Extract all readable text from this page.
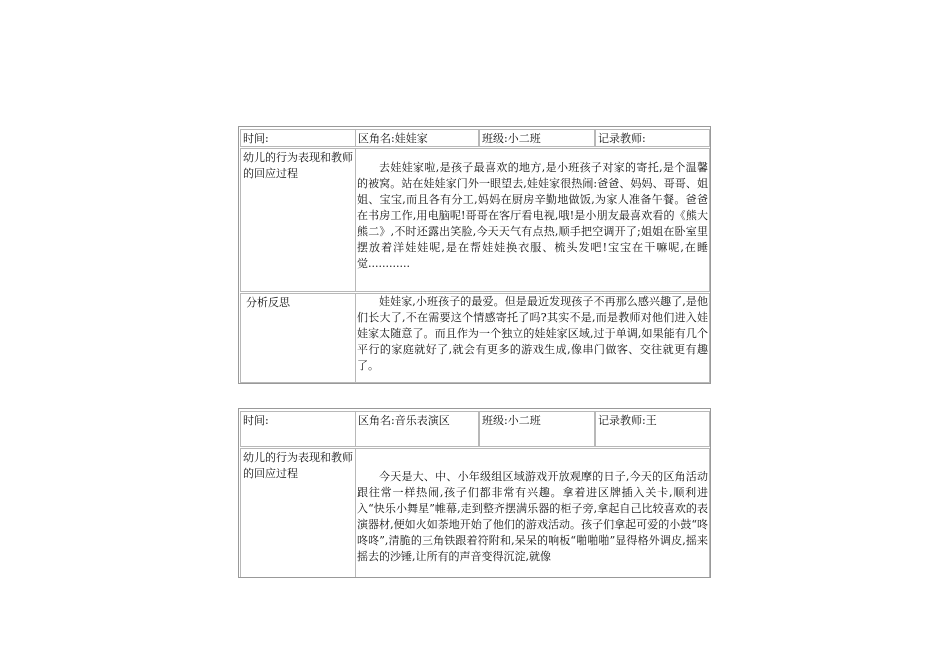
时间:	区角名:娃娃家	班级:小二班	记录教师:
幼儿的行为表现和教师的回应过程	去娃娃家啦,是孩子最喜欢的地方,是小班孩子对家的寄托,是个温馨的被窝。站在娃娃家门外一眼望去,娃娃家很热闹:爸爸、妈妈、哥哥、姐姐、宝宝,而且各有分工,妈妈在厨房辛勤地做饭,为家人准备午餐。爸爸在书房工作,用电脑呢!哥哥在客厅看电视,哦!是小朋友最喜欢看的《熊大熊二》,不时还露出笑脸,今天天气有点热,顺手把空调开了;姐姐在卧室里摆放着洋娃娃呢,是在帮娃娃换衣服、梳头发吧!宝宝在干嘛呢,在睡觉............
分析反思	娃娃家,小班孩子的最爱。但是最近发现孩子不再那么感兴趣了,是他们长大了,不在需要这个情感寄托了吗?其实不是,而是教师对他们进入娃娃家太随意了。而且作为一个独立的娃娃家区域,过于单调,如果能有几个平行的家庭就好了,就会有更多的游戏生成,像串门做客、交往就更有趣了。
时间:	区角名:音乐表演区	班级:小二班	记录教师:王
幼儿的行为表现和教师的回应过程	今天是大、中、小年级组区域游戏开放观摩的日子,今天的区角活动跟往常一样热闹,孩子们都非常有兴趣。拿着进区牌插入关卡,顺利进入“快乐小舞星”帷幕,走到整齐摆满乐器的柜子旁,拿起自己比较喜欢的表演器材,便如火如荼地开始了他们的游戏活动。孩子们拿起可爱的小鼓“咚咚咚”,清脆的三角铁跟着符附和,呆呆的响板“啪啪啪”显得格外调皮,摇来摇去的沙锤,让所有的声音变得沉淀,就像
